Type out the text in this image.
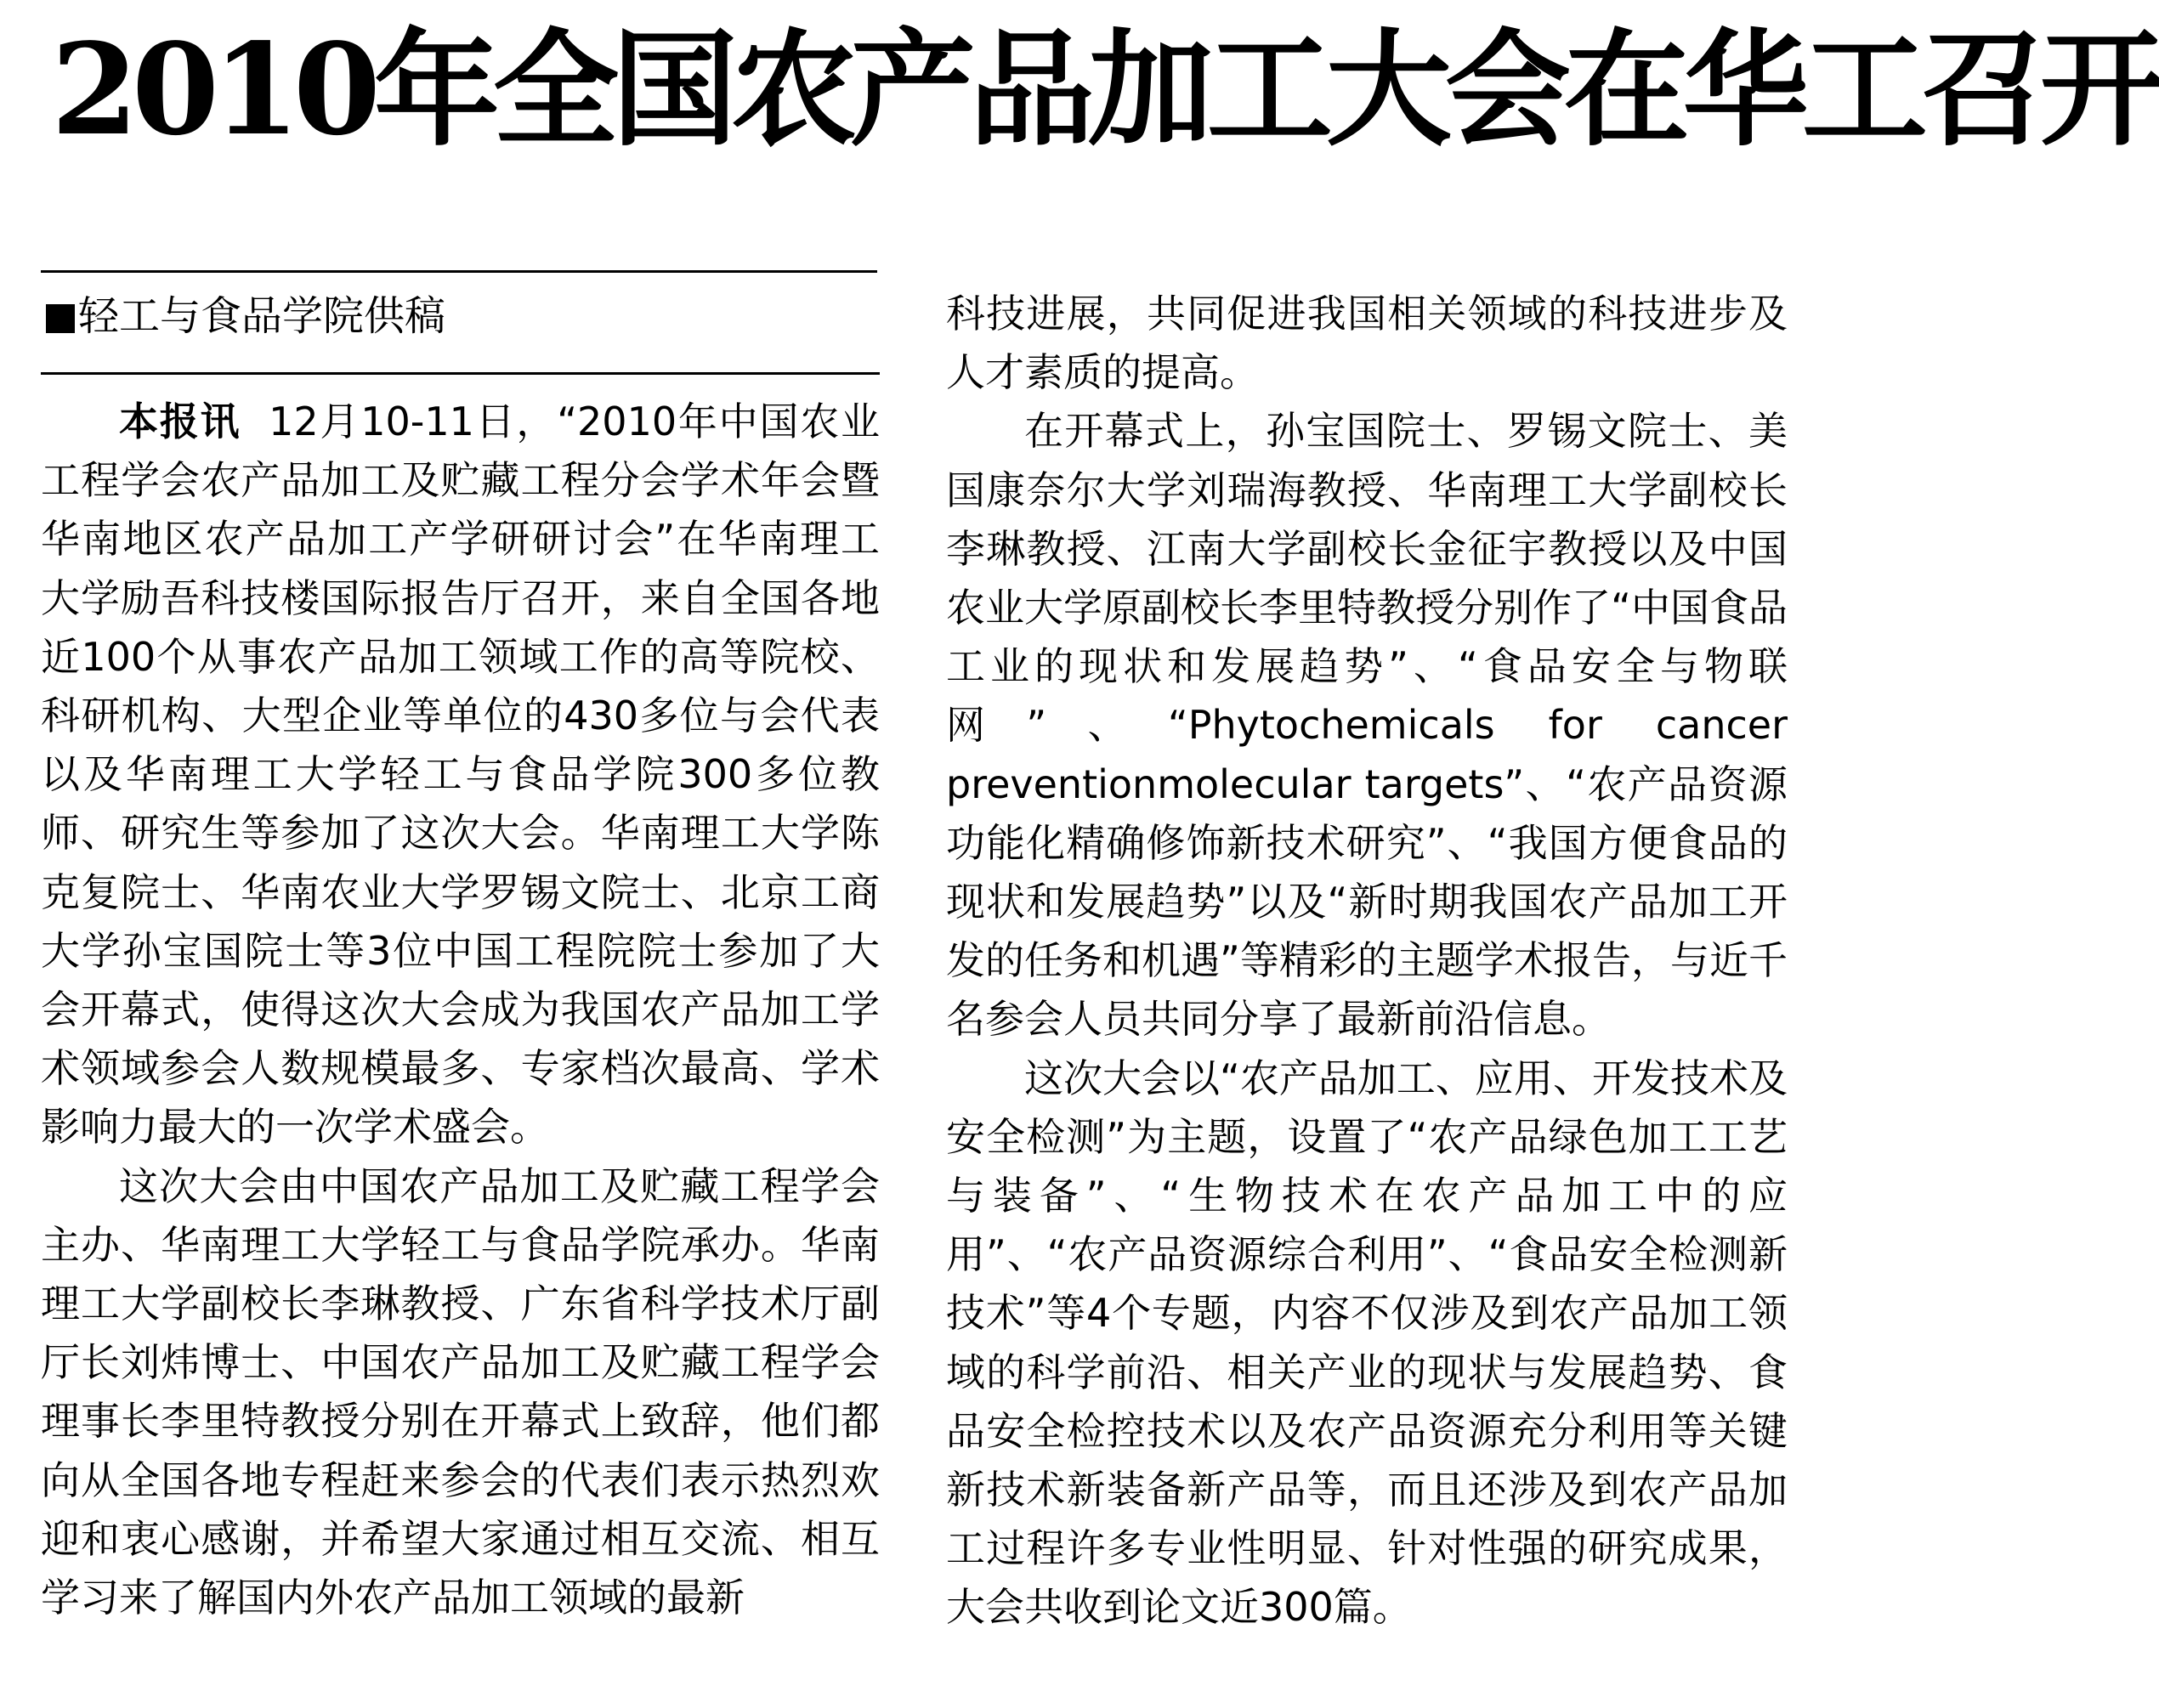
2010年全国农产品加工大会在华工召开
轻工与食品学院供稿

本报讯 12月10-11日，“2010年中国农业工程学会农产品加工及贮藏工程分会学术年会暨华南地区农产品加工产学研研讨会”在华南理工大学励吾科技楼国际报告厅召开，来自全国各地近100个从事农产品加工领域工作的高等院校、科研机构、大型企业等单位的430多位与会代表以及华南理工大学轻工与食品学院300多位教师、研究生等参加了这次大会。华南理工大学陈克复院士、华南农业大学罗锡文院士、北京工商大学孙宝国院士等3位中国工程院院士参加了大会开幕式，使得这次大会成为我国农产品加工学术领域参会人数规模最多、专家档次最高、学术影响力最大的一次学术盛会。

这次大会由中国农产品加工及贮藏工程学会主办、华南理工大学轻工与食品学院承办。华南理工大学副校长李琳教授、广东省科学技术厅副厅长刘炜博士、中国农产品加工及贮藏工程学会理事长李里特教授分别在开幕式上致辞，他们都向从全国各地专程赶来参会的代表们表示热烈欢迎和衷心感谢，并希望大家通过相互交流、相互学习来了解国内外农产品加工领域的最新

科技进展，共同促进我国相关领域的科技进步及人才素质的提高。

在开幕式上，孙宝国院士、罗锡文院士、美国康奈尔大学刘瑞海教授、华南理工大学副校长李琳教授、江南大学副校长金征宇教授以及中国农业大学原副校长李里特教授分别作了“中国食品工业的现状和发展趋势”、“食品安全与物联网”、“Phytochemicals for cancer preventionmolecular targets”、“农产品资源功能化精确修饰新技术研究”、“我国方便食品的现状和发展趋势”以及“新时期我国农产品加工开发的任务和机遇”等精彩的主题学术报告，与近千名参会人员共同分享了最新前沿信息。

这次大会以“农产品加工、应用、开发技术及安全检测”为主题，设置了“农产品绿色加工工艺与装备”、“生物技术在农产品加工中的应用”、“农产品资源综合利用”、“食品安全检测新技术”等4个专题，内容不仅涉及到农产品加工领域的科学前沿、相关产业的现状与发展趋势、食品安全检控技术以及农产品资源充分利用等关键新技术新装备新产品等，而且还涉及到农产品加工过程许多专业性明显、针对性强的研究成果，大会共收到论文近300篇。
